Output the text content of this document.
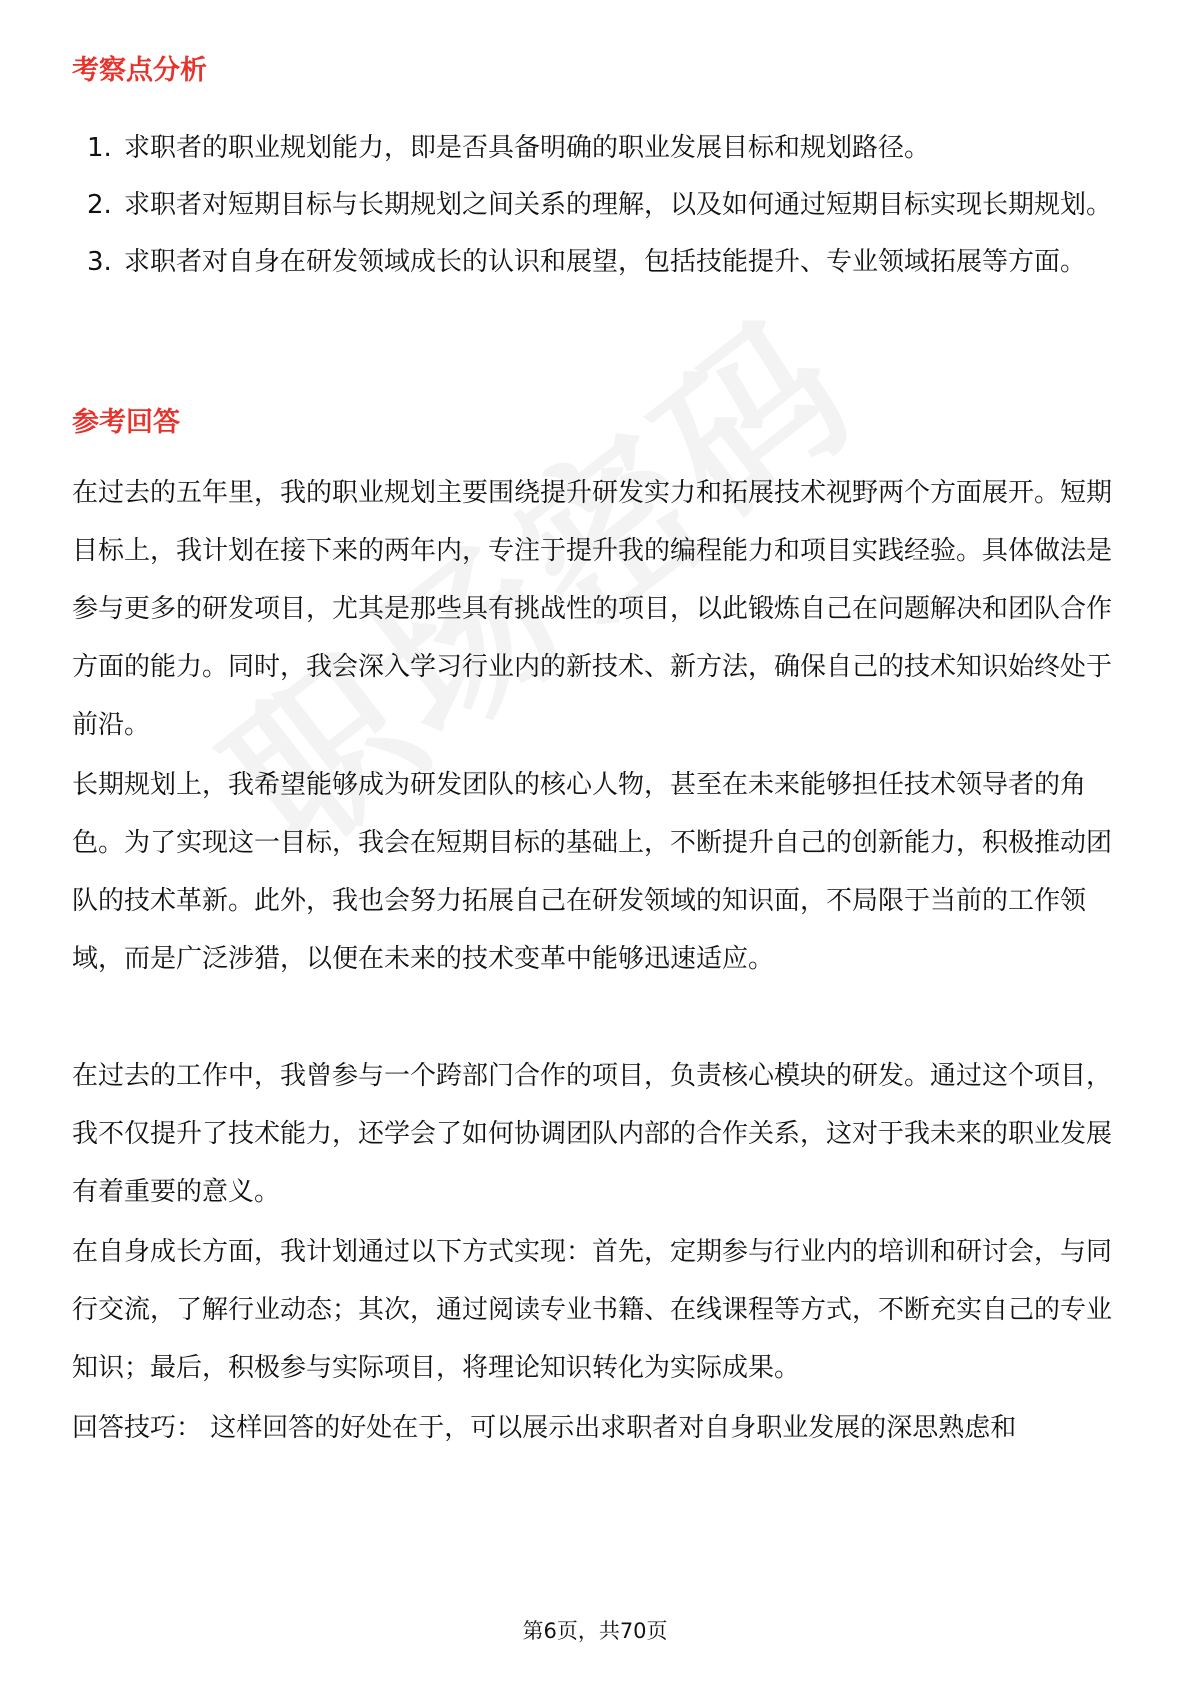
考察点分析
1. 求职者的职业规划能力，即是否具备明确的职业发展目标和规划路径。
2. 求职者对短期目标与长期规划之间关系的理解，以及如何通过短期目标实现长期规划。
3. 求职者对自身在研发领域成长的认识和展望，包括技能提升、专业领域拓展等方面。
参考回答

在过去的五年里，我的职业规划主要围绕提升研发实力和拓展技术视野两个方面展开。短期目标上，我计划在接下来的两年内，专注于提升我的编程能力和项目实践经验。具体做法是参与更多的研发项目，尤其是那些具有挑战性的项目，以此锻炼自己在问题解决和团队合作方面的能力。同时，我会深入学习行业内的新技术、新方法，确保自己的技术知识始终处于前沿。

长期规划上，我希望能够成为研发团队的核心人物，甚至在未来能够担任技术领导者的角色。为了实现这一目标，我会在短期目标的基础上，不断提升自己的创新能力，积极推动团队的技术革新。此外，我也会努力拓展自己在研发领域的知识面，不局限于当前的工作领域，而是广泛涉猎，以便在未来的技术变革中能够迅速适应。

在过去的工作中，我曾参与一个跨部门合作的项目，负责核心模块的研发。通过这个项目，我不仅提升了技术能力，还学会了如何协调团队内部的合作关系，这对于我未来的职业发展有着重要的意义。

在自身成长方面，我计划通过以下方式实现：首先，定期参与行业内的培训和研讨会，与同行交流，了解行业动态；其次，通过阅读专业书籍、在线课程等方式，不断充实自己的专业知识；最后，积极参与实际项目，将理论知识转化为实际成果。

回答技巧： 这样回答的好处在于，可以展示出求职者对自身职业发展的深思熟虑和

第6页，共70页
